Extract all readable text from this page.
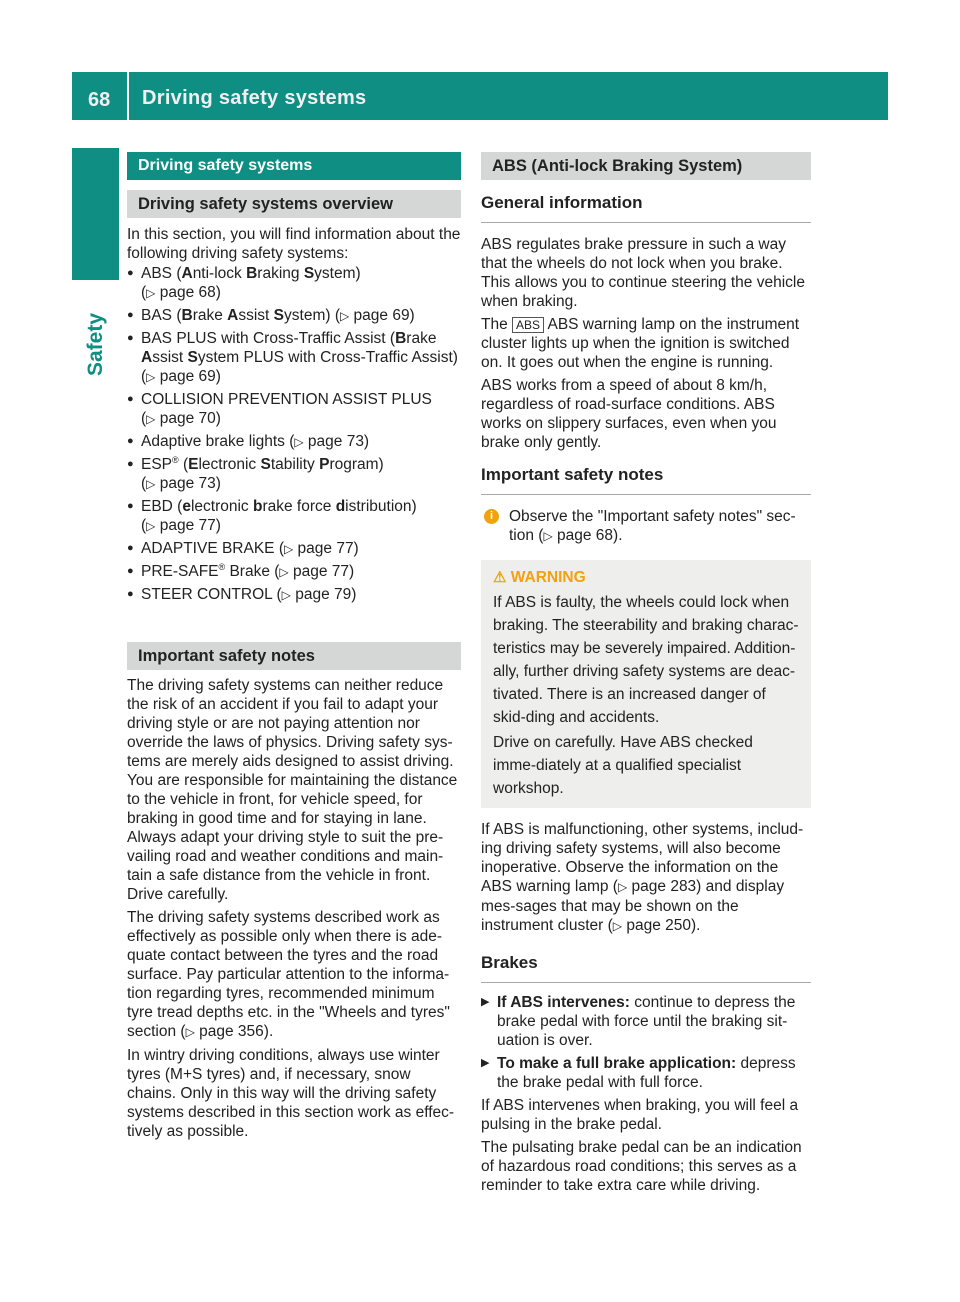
68 Driving safety systems
Safety
Driving safety systems
Driving safety systems overview

In this section, you will find information about the following driving safety systems:

● ABS (Anti-lock Braking System)
(▷ page 68)
● BAS (Brake Assist System) (▷ page 69)
● BAS PLUS with Cross-Traffic Assist (Brake Assist System PLUS with Cross-Traffic Assist)
(▷ page 69)
● COLLISION PREVENTION ASSIST PLUS
(▷ page 70)
● Adaptive brake lights (▷ page 73)
● ESP® (Electronic Stability Program)
(▷ page 73)
● EBD (electronic brake force distribution)
(▷ page 77)
● ADAPTIVE BRAKE (▷ page 77)
● PRE-SAFE® Brake (▷ page 77)
● STEER CONTROL (▷ page 79)
Important safety notes

The driving safety systems can neither reduce the risk of an accident if you fail to adapt your driving style or are not paying attention nor override the laws of physics. Driving safety sys-tems are merely aids designed to assist driving. You are responsible for maintaining the distance to the vehicle in front, for vehicle speed, for braking in good time and for staying in lane. Always adapt your driving style to suit the pre-vailing road and weather conditions and main-tain a safe distance from the vehicle in front. Drive carefully.

The driving safety systems described work as effectively as possible only when there is ade-quate contact between the tyres and the road surface. Pay particular attention to the informa-tion regarding tyres, recommended minimum tyre tread depths etc. in the "Wheels and tyres" section (▷ page 356).

In wintry driving conditions, always use winter tyres (M+S tyres) and, if necessary, snow chains. Only in this way will the driving safety systems described in this section work as effec-tively as possible.

ABS (Anti-lock Braking System)
General information

ABS regulates brake pressure in such a way that the wheels do not lock when you brake. This allows you to continue steering the vehicle when braking.

The ABS ABS warning lamp on the instrument cluster lights up when the ignition is switched on. It goes out when the engine is running.

ABS works from a speed of about 8 km/h, regardless of road-surface conditions. ABS works on slippery surfaces, even when you brake only gently.

Important safety notes
i	Observe the "Important safety notes" sec-tion (▷ page 68).
⚠ WARNING

If ABS is faulty, the wheels could lock when braking. The steerability and braking charac-teristics may be severely impaired. Addition-ally, further driving safety systems are deac-tivated. There is an increased danger of skid-ding and accidents.

Drive on carefully. Have ABS checked imme-diately at a qualified specialist workshop.

If ABS is malfunctioning, other systems, includ-ing driving safety systems, will also become inoperative. Observe the information on the ABS warning lamp (▷ page 283) and display mes-sages that may be shown on the instrument cluster (▷ page 250).

Brakes
▶ If ABS intervenes: continue to depress the brake pedal with force until the braking sit-uation is over.
▶ To make a full brake application: depress the brake pedal with full force.

If ABS intervenes when braking, you will feel a pulsing in the brake pedal.

The pulsating brake pedal can be an indication of hazardous road conditions; this serves as a reminder to take extra care while driving.
